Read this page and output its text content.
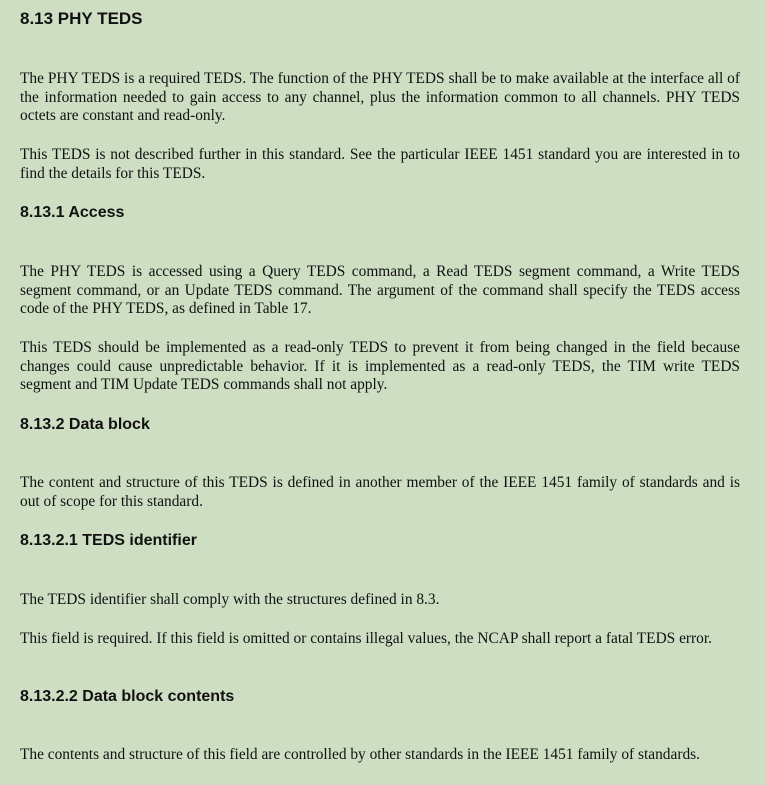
8.13 PHY TEDS

The PHY TEDS is a required TEDS. The function of the PHY TEDS shall be to make available at the interface all of the information needed to gain access to any channel, plus the information common to all channels. PHY TEDS octets are constant and read-only.

This TEDS is not described further in this standard. See the particular IEEE 1451 standard you are interested in to find the details for this TEDS.

8.13.1 Access

The PHY TEDS is accessed using a Query TEDS command, a Read TEDS segment command, a Write TEDS segment command, or an Update TEDS command. The argument of the command shall specify the TEDS access code of the PHY TEDS, as defined in Table 17.

This TEDS should be implemented as a read-only TEDS to prevent it from being changed in the field because changes could cause unpredictable behavior. If it is implemented as a read-only TEDS, the TIM write TEDS segment and TIM Update TEDS commands shall not apply.

8.13.2 Data block

The content and structure of this TEDS is defined in another member of the IEEE 1451 family of standards and is out of scope for this standard.

8.13.2.1 TEDS identifier

The TEDS identifier shall comply with the structures defined in 8.3.

This field is required. If this field is omitted or contains illegal values, the NCAP shall report a fatal TEDS error.

8.13.2.2 Data block contents

The contents and structure of this field are controlled by other standards in the IEEE 1451 family of standards.
